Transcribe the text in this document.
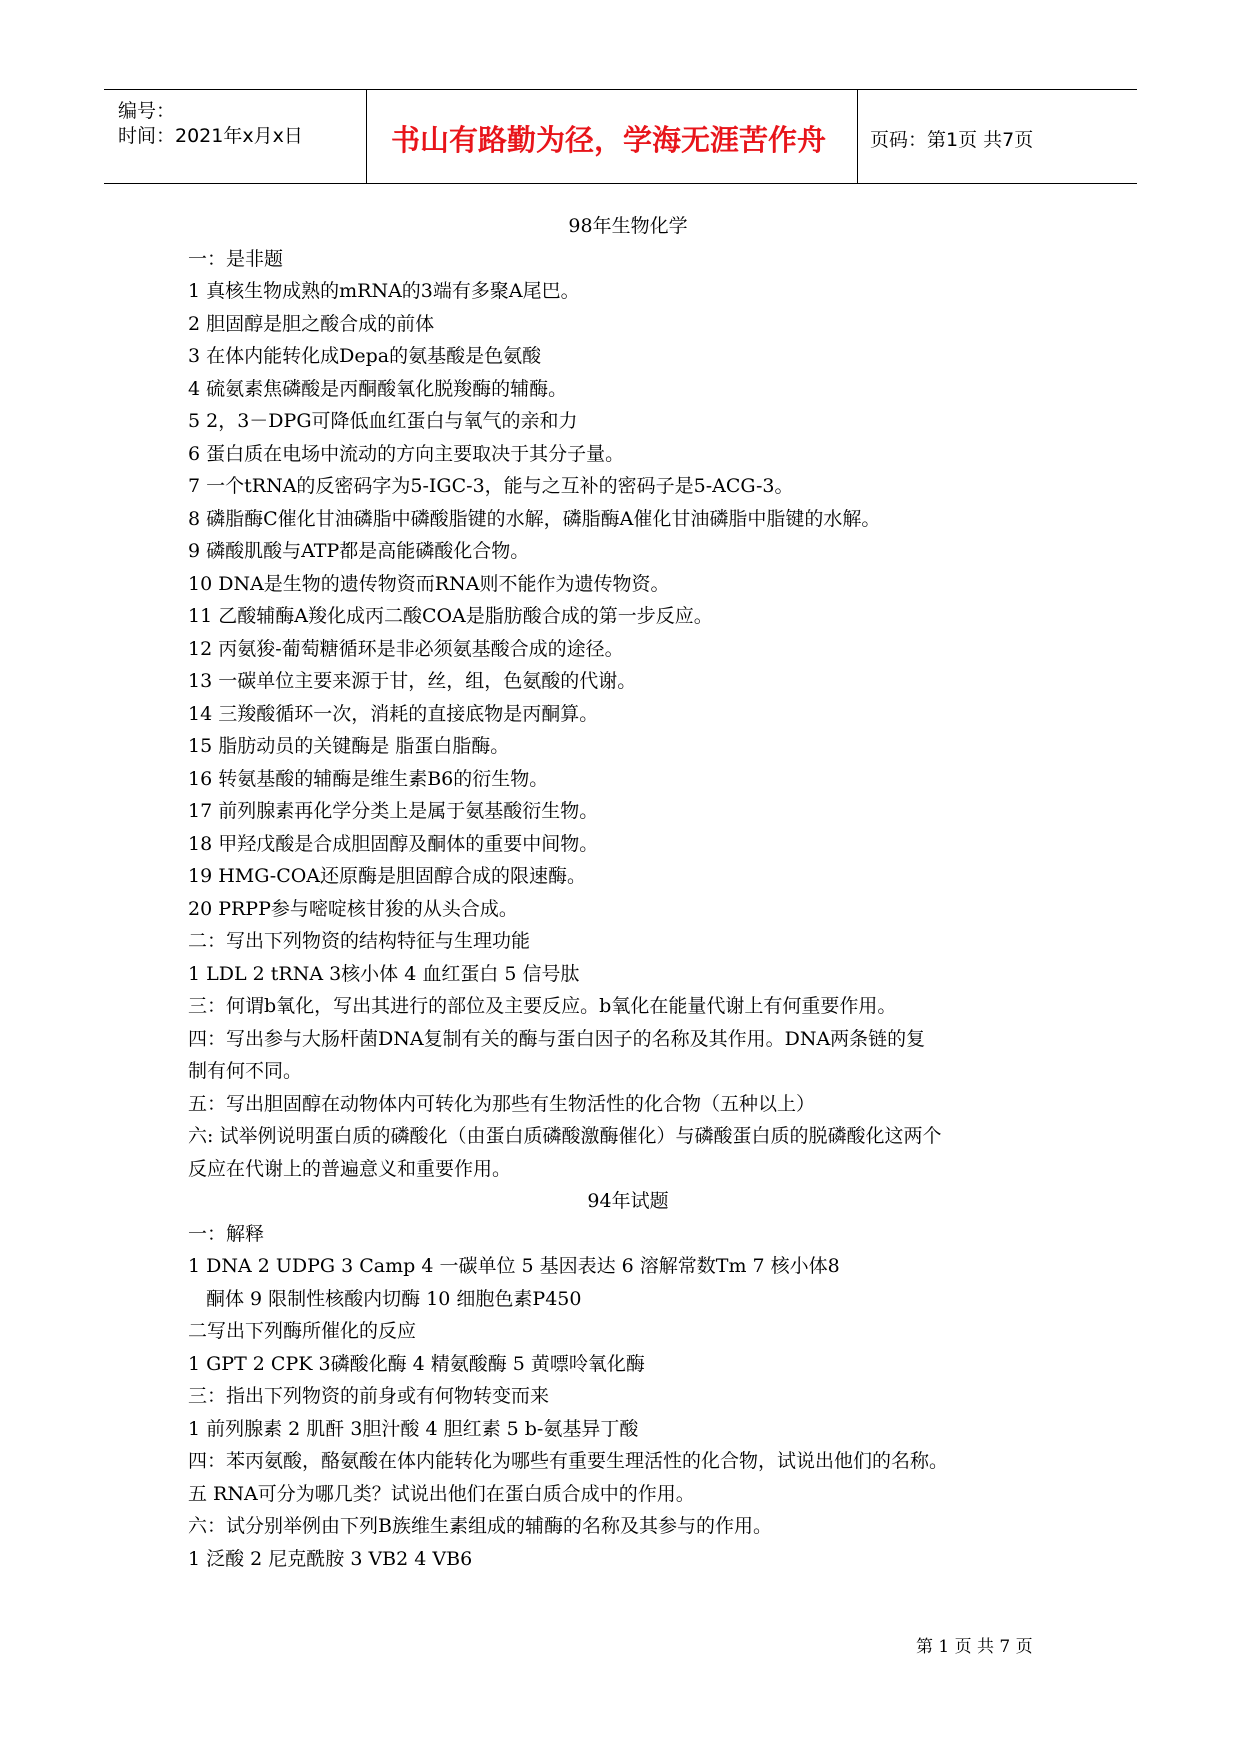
编号：
时间：2021年x月x日	书山有路勤为径，学海无涯苦作舟 页码：第1页 共7页
98年生物化学
一：是非题
1 真核生物成熟的mRNA的3端有多聚A尾巴。
2 胆固醇是胆之酸合成的前体
3 在体内能转化成Depa的氨基酸是色氨酸
4 硫氨素焦磷酸是丙酮酸氧化脱羧酶的辅酶。
5 2，3－DPG可降低血红蛋白与氧气的亲和力
6 蛋白质在电场中流动的方向主要取决于其分子量。
7 一个tRNA的反密码字为5-IGC-3，能与之互补的密码子是5-ACG-3。
8 磷脂酶C催化甘油磷脂中磷酸脂键的水解，磷脂酶A催化甘油磷脂中脂键的水解。
9 磷酸肌酸与ATP都是高能磷酸化合物。
10 DNA是生物的遗传物资而RNA则不能作为遗传物资。
11 乙酸辅酶A羧化成丙二酸COA是脂肪酸合成的第一步反应。
12 丙氨狻-葡萄糖循环是非必须氨基酸合成的途径。
13 一碳单位主要来源于甘，丝，组，色氨酸的代谢。
14 三羧酸循环一次，消耗的直接底物是丙酮算。
15 脂肪动员的关键酶是 脂蛋白脂酶。
16 转氨基酸的辅酶是维生素B6的衍生物。
17 前列腺素再化学分类上是属于氨基酸衍生物。
18 甲羟戊酸是合成胆固醇及酮体的重要中间物。
19 HMG-COA还原酶是胆固醇合成的限速酶。
20 PRPP参与嘧啶核甘狻的从头合成。
二：写出下列物资的结构特征与生理功能
1 LDL 2 tRNA 3核小体 4 血红蛋白 5 信号肽
三：何谓b氧化，写出其进行的部位及主要反应。b氧化在能量代谢上有何重要作用。
四：写出参与大肠杆菌DNA复制有关的酶与蛋白因子的名称及其作用。DNA两条链的复
制有何不同。
五：写出胆固醇在动物体内可转化为那些有生物活性的化合物（五种以上）
六: 试举例说明蛋白质的磷酸化（由蛋白质磷酸激酶催化）与磷酸蛋白质的脱磷酸化这两个
反应在代谢上的普遍意义和重要作用。
94年试题
一：解释
1 DNA 2 UDPG 3 Camp 4 一碳单位 5 基因表达 6 溶解常数Tm 7 核小体8
酮体 9 限制性核酸内切酶 10 细胞色素P450
二写出下列酶所催化的反应
1 GPT 2 CPK 3磷酸化酶 4 精氨酸酶 5 黄嘌呤氧化酶
三：指出下列物资的前身或有何物转变而来
1 前列腺素 2 肌酐 3胆汁酸 4 胆红素 5 b-氨基异丁酸
四：苯丙氨酸，酪氨酸在体内能转化为哪些有重要生理活性的化合物，试说出他们的名称。
五 RNA可分为哪几类？试说出他们在蛋白质合成中的作用。
六：试分别举例由下列B族维生素组成的辅酶的名称及其参与的作用。
1 泛酸 2 尼克酰胺 3 VB2 4 VB6
第 1 页 共 7 页
